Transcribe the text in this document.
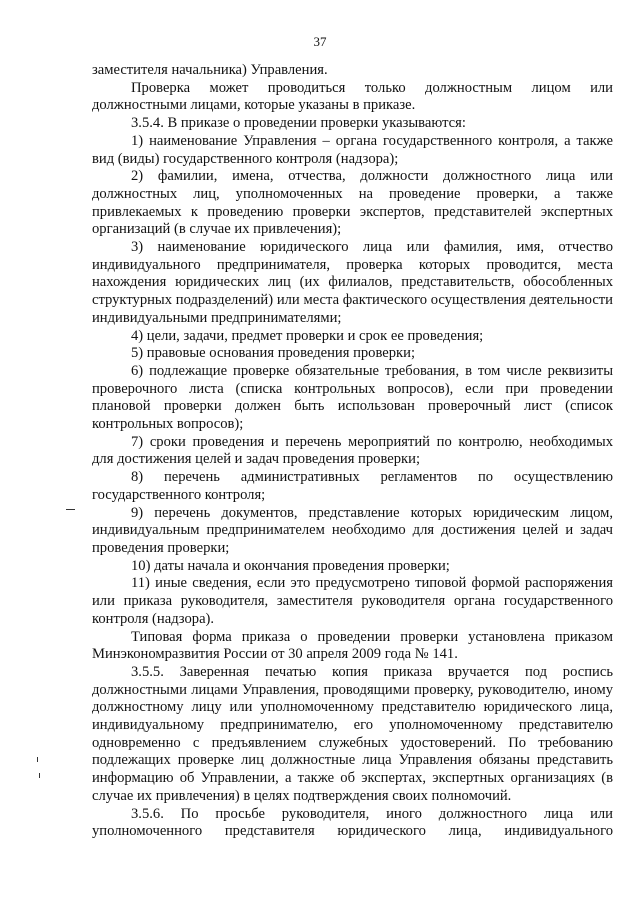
37

заместителя начальника) Управления.

Проверка может проводиться только должностным лицом или должностными лицами, которые указаны в приказе.

3.5.4. В приказе о проведении проверки указываются:

1) наименование Управления – органа государственного контроля, а также вид (виды) государственного контроля (надзора);

2) фамилии, имена, отчества, должности должностного лица или должностных лиц, уполномоченных на проведение проверки, а также привлекаемых к проведению проверки экспертов, представителей экспертных организаций (в случае их привлечения);

3) наименование юридического лица или фамилия, имя, отчество индивидуального предпринимателя, проверка которых проводится, места нахождения юридических лиц (их филиалов, представительств, обособленных структурных подразделений) или места фактического осуществления деятельности индивидуальными предпринимателями;

4) цели, задачи, предмет проверки и срок ее проведения;

5) правовые основания проведения проверки;

6) подлежащие проверке обязательные требования, в том числе реквизиты проверочного листа (списка контрольных вопросов), если при проведении плановой проверки должен быть использован проверочный лист (список контрольных вопросов);

7) сроки проведения и перечень мероприятий по контролю, необходимых для достижения целей и задач проведения проверки;

8) перечень административных регламентов по осуществлению государственного контроля;

9) перечень документов, представление которых юридическим лицом, индивидуальным предпринимателем необходимо для достижения целей и задач проведения проверки;

10) даты начала и окончания проведения проверки;

11) иные сведения, если это предусмотрено типовой формой распоряжения или приказа руководителя, заместителя руководителя органа государственного контроля (надзора).

Типовая форма приказа о проведении проверки установлена приказом Минэкономразвития России от 30 апреля 2009 года № 141.

3.5.5. Заверенная печатью копия приказа вручается под роспись должностными лицами Управления, проводящими проверку, руководителю, иному должностному лицу или уполномоченному представителю юридического лица, индивидуальному предпринимателю, его уполномоченному представителю одновременно с предъявлением служебных удостоверений. По требованию подлежащих проверке лиц должностные лица Управления обязаны представить информацию об Управлении, а также об экспертах, экспертных организациях (в случае их привлечения) в целях подтверждения своих полномочий.

3.5.6. По просьбе руководителя, иного должностного лица или уполномоченного представителя юридического лица, индивидуального
